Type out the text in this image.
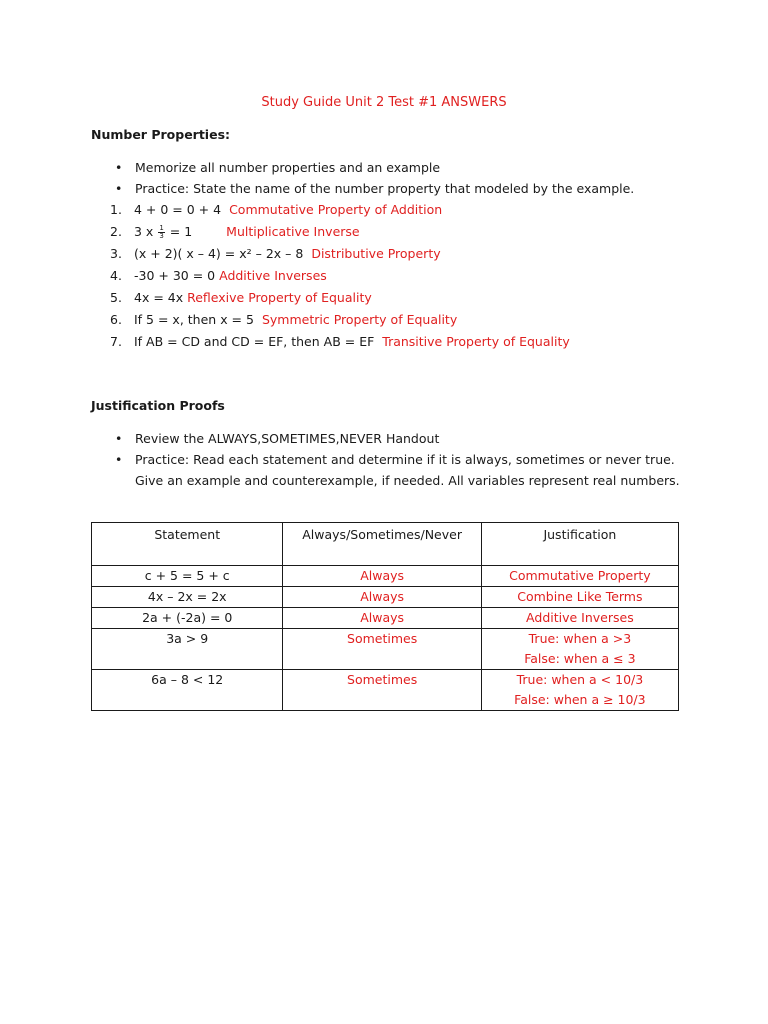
Study Guide Unit 2 Test #1 ANSWERS
Number Properties:
• Memorize all number properties and an example
• Practice: State the name of the number property that modeled by the example.
1. 4 + 0 = 0 + 4 Commutative Property of Addition
2. 3 x $\frac{1}{3} = 1$	Multiplicative Inverse
3. (x + 2)( x – 4) = x² – 2x – 8 Distributive Property
4. -30 + 30 = 0 Additive Inverses
5. 4x = 4x Reflexive Property of Equality
6. If 5 = x, then x = 5 Symmetric Property of Equality
7. If AB = CD and CD = EF, then AB = EF Transitive Property of Equality
Justification Proofs
• Review the ALWAYS,SOMETIMES,NEVER Handout
•	Practice: Read each statement and determine if it is always, sometimes or never true. Give an example and counterexample, if needed. All variables represent real numbers.
Statement	Always/Sometimes/Never	Justification
c + 5 = 5 + c	Always	Commutative Property
4x – 2x = 2x	Always	Combine Like Terms
2a + (-2a) = 0	Always	Additive Inverses
3a > 9	Sometimes	True: when a >3
False: when a ≤ 3
6a – 8 < 12	Sometimes	True: when a < 10/3
False: when a ≥ 10/3
